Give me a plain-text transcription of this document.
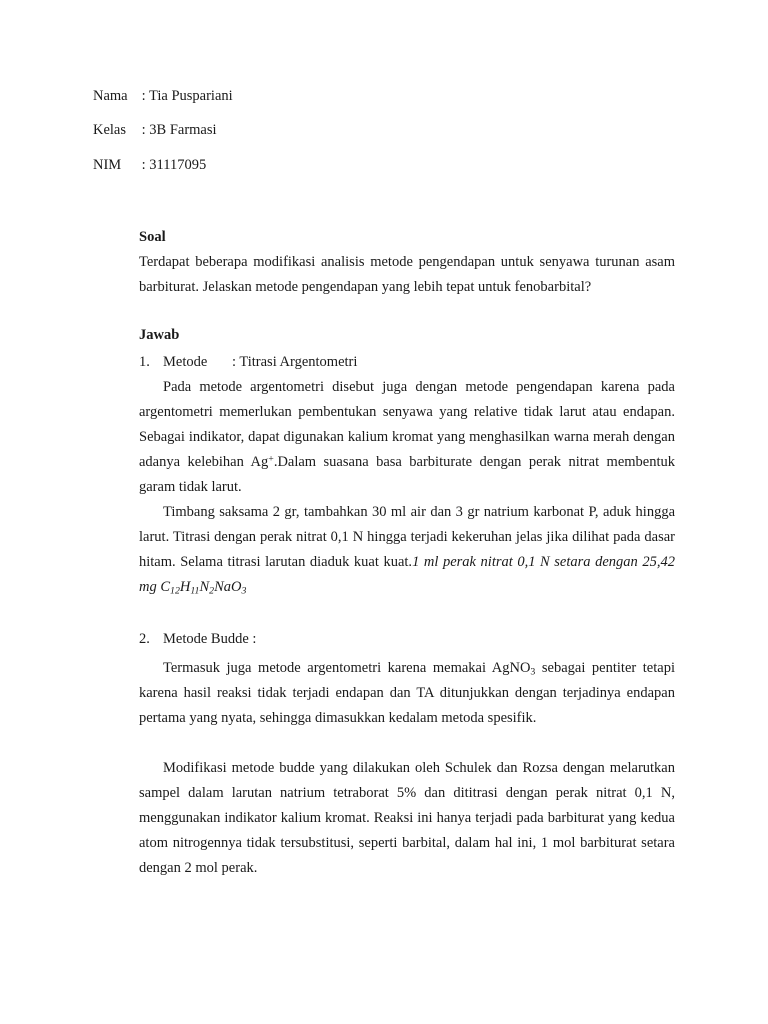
Nama : Tia Puspariani
Kelas : 3B Farmasi
NIM : 31117095
Soal

Terdapat beberapa modifikasi analisis metode pengendapan untuk senyawa turunan asam barbiturat. Jelaskan metode pengendapan yang lebih tepat untuk fenobarbital?

Jawab
1. Metode : Titrasi Argentometri

Pada metode argentometri disebut juga dengan metode pengendapan karena pada argentometri memerlukan pembentukan senyawa yang relative tidak larut atau endapan. Sebagai indikator, dapat digunakan kalium kromat yang menghasilkan warna merah dengan adanya kelebihan Ag+.Dalam suasana basa barbiturate dengan perak nitrat membentuk garam tidak larut.

Timbang saksama 2 gr, tambahkan 30 ml air dan 3 gr natrium karbonat P, aduk hingga larut. Titrasi dengan perak nitrat 0,1 N hingga terjadi kekeruhan jelas jika dilihat pada dasar hitam. Selama titrasi larutan diaduk kuat kuat.1 ml perak nitrat 0,1 N setara dengan 25,42 mg $C_{12}H_{11}N_2NaO_3$

2. Metode Budde :

Termasuk juga metode argentometri karena memakai AgNO$_3$ sebagai pentiter tetapi karena hasil reaksi tidak terjadi endapan dan TA ditunjukkan dengan terjadinya endapan pertama yang nyata, sehingga dimasukkan kedalam metoda spesifik.

Modifikasi metode budde yang dilakukan oleh Schulek dan Rozsa dengan melarutkan sampel dalam larutan natrium tetraborat 5% dan dititrasi dengan perak nitrat 0,1 N, menggunakan indikator kalium kromat. Reaksi ini hanya terjadi pada barbiturat yang kedua atom nitrogennya tidak tersubstitusi, seperti barbital, dalam hal ini, 1 mol barbiturat setara dengan 2 mol perak.
